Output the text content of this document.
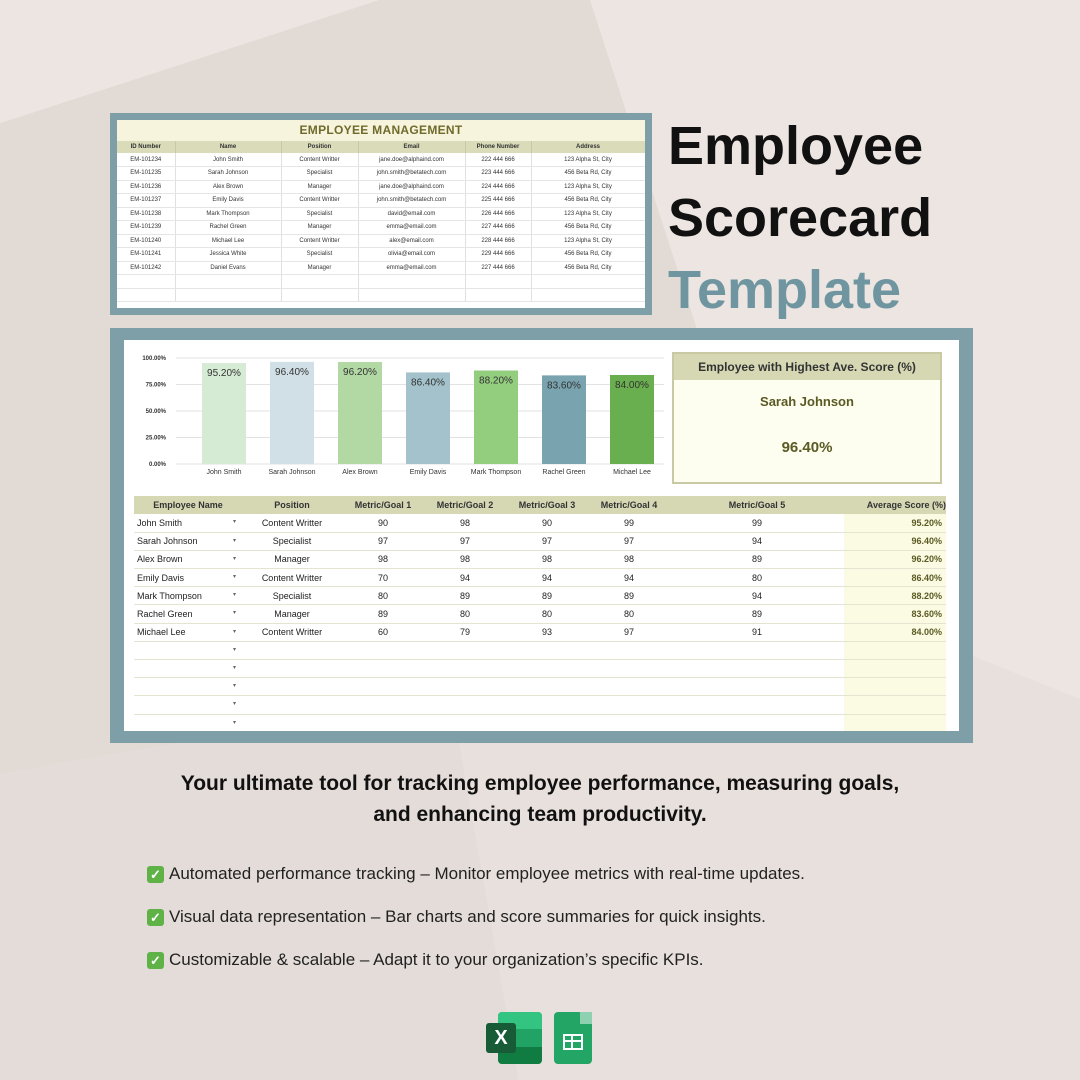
EMPLOYEE MANAGEMENT
ID Number	Name	Position	Email	Phone Number	Address
EM-101234	John Smith	Content Writter	jane.doe@alphaind.com	222 444 666	123 Alpha St, City
EM-101235	Sarah Johnson	Specialist	john.smith@betatech.com	223 444 666	456 Beta Rd, City
EM-101236	Alex Brown	Manager	jane.doe@alphaind.com	224 444 666	123 Alpha St, City
EM-101237	Emily Davis	Content Writter	john.smith@betatech.com	225 444 666	456 Beta Rd, City
EM-101238	Mark Thompson	Specialist	david@email.com	226 444 666	123 Alpha St, City
EM-101239	Rachel Green	Manager	emma@email.com	227 444 666	456 Beta Rd, City
EM-101240	Michael Lee	Content Writter	alex@email.com	228 444 666	123 Alpha St, City
EM-101241	Jessica White	Specialist	olivia@email.com	229 444 666	456 Beta Rd, City
EM-101242	Daniel Evans	Manager	emma@email.com	227 444 666	456 Beta Rd, City

Employee
Scorecard
Template
0.00%
25.00%
50.00%
75.00%
100.00%
95.20%
John Smith
96.40%
Sarah Johnson
96.20%
Alex Brown
86.40%
Emily Davis
88.20%
Mark Thompson
83.60%
Rachel Green
84.00%
Michael Lee
Employee with Highest Ave. Score (%)
Sarah Johnson
96.40%
Employee Name	Position	Metric/Goal 1	Metric/Goal 2	Metric/Goal 3	Metric/Goal 4	Metric/Goal 5	Average Score (%)
John Smith ▾	Content Writter	90	98	90	99	99	95.20%
Sarah Johnson ▾	Specialist	97	97	97	97	94	96.40%
Alex Brown ▾	Manager	98	98	98	98	89	96.20%
Emily Davis ▾	Content Writter	70	94	94	94	80	86.40%
Mark Thompson ▾	Specialist	80	89	89	89	94	88.20%
Rachel Green ▾	Manager	89	80	80	80	89	83.60%
Michael Lee ▾	Content Writter	60	79	93	97	91	84.00%

▾							

▾							

▾							

▾							

▾							

Your ultimate tool for tracking employee performance, measuring goals,
and enhancing team productivity.
✓ Automated performance tracking – Monitor employee metrics with real-time updates.
✓ Visual data representation – Bar charts and score summaries for quick insights.
✓ Customizable & scalable – Adapt it to your organization’s specific KPIs.
X
